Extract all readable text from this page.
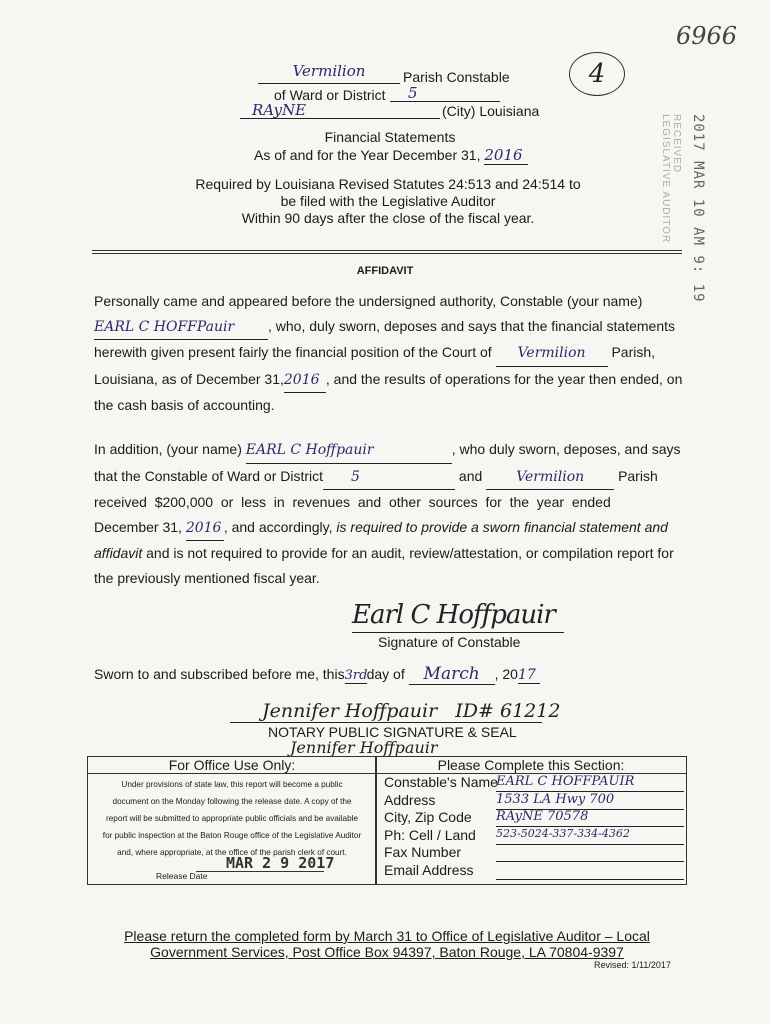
6966
4
2017 MAR 10 AM 9: 19
RECEIVED
LEGISLATIVE AUDITOR
Vermilion	Parish Constable
of Ward or District	5
RAyNE	(City) Louisiana
Financial Statements
As of and for the Year December 31, 2016
Required by Louisiana Revised Statutes 24:513 and 24:514 to
be filed with the Legislative Auditor
Within 90 days after the close of the fiscal year.
AFFIDAVIT
Personally came and appeared before the undersigned authority, Constable (your name)
EARL C HOFFPauir , who, duly sworn, deposes and says that the financial statements
herewith given present fairly the financial position of the Court of Vermilion Parish,
Louisiana, as of December 31,2016 , and the results of operations for the year then ended, on
the cash basis of accounting.
In addition, (your name) EARL C Hoffpauir	, who duly sworn, deposes, and says
that the Constable of Ward or District 5	and Vermilion Parish
received  $200,000  or  less  in  revenues  and  other  sources  for  the  year  ended
December 31, 2016 , and accordingly, is required to provide a sworn financial statement and
affidavit and is not required to provide for an audit, review/attestation, or compilation report for
the previously mentioned fiscal year.
Earl C Hoffpauir
Signature of Constable
Sworn to and subscribed before me, this3rdday of March , 2017
Jennifer Hoffpauir   ID# 61212
NOTARY PUBLIC SIGNATURE & SEAL
Jennifer Hoffpauir
For Office Use Only:
Under provisions of state law, this report will become a public
document on the Monday following the release date. A copy of the
report will be submitted to appropriate public officials and be available
for public inspection at the Baton Rouge office of the Legislative Auditor
and, where appropriate, at the office of the parish clerk of court.
MAR 2 9 2017
Release Date
Please Complete this Section:
Constable's Name
EARL C HOFFPAUIR
Address	1533 LA Hwy 700
City, Zip Code RAyNE 70578
Ph: Cell / Land 523-5024-337-334-4362
Fax Number
Email Address
Please return the completed form by March 31 to Office of Legislative Auditor – Local
Government Services, Post Office Box 94397, Baton Rouge, LA 70804-9397
Revised: 1/11/2017
